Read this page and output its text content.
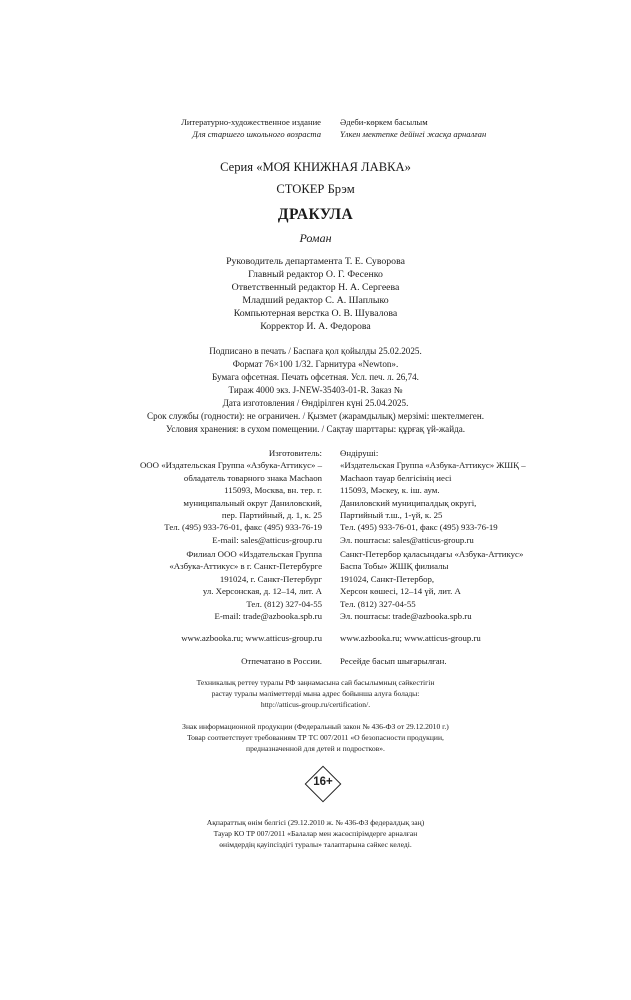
Литературно-художественное издание
Для старшего школьного возраста
Әдеби-көркем басылым
Үлкен мектепке дейінгі жасқа арналған
Серия «МОЯ КНИЖНАЯ ЛАВКА»
СТОКЕР Брэм
ДРАКУЛА
Роман
Руководитель департамента Т. Е. Суворова
Главный редактор О. Г. Фесенко
Ответственный редактор Н. А. Сергеева
Младший редактор С. А. Шаплыко
Компьютерная верстка О. В. Шувалова
Корректор И. А. Федорова
Подписано в печать / Баспаға қол қойылды 25.02.2025.
Формат 76×100 1/32. Гарнитура «Newton».
Бумага офсетная. Печать офсетная. Усл. печ. л. 26,74.
Тираж 4000 экз. J-NEW-35403-01-R. Заказ №
Дата изготовления / Өндірілген күні 25.04.2025.
Срок службы (годности): не ограничен. / Қызмет (жарамдылық) мерзімі: шектелмеген.
Условия хранения: в сухом помещении. / Сақтау шарттары: құрғақ үй-жайда.
Изготовитель:
ООО «Издательская Группа «Азбука-Аттикус» –
обладатель товарного знака Machaon
115093, Москва, вн. тер. г.
муниципальный округ Даниловский,
пер. Партийный, д. 1, к. 25
Тел. (495) 933-76-01, факс (495) 933-76-19
E-mail: sales@atticus-group.ru
Өндіруші:
«Издательская Группа «Азбука-Аттикус» ЖШҚ –
Machaon тауар белгісінің иесі
115093, Мәскеу, к. іш. аум.
Даниловский муниципалдық округі,
Партийный т.ш., 1-үй, к. 25
Тел. (495) 933-76-01, факс (495) 933-76-19
Эл. поштасы: sales@atticus-group.ru
Филиал ООО «Издательская Группа
«Азбука-Аттикус» в г. Санкт-Петербурге
191024, г. Санкт-Петербург
ул. Херсонская, д. 12–14, лит. А
Тел. (812) 327-04-55
E-mail: trade@azbooka.spb.ru
Санкт-Петербор қаласындағы «Азбука-Аттикус»
Баспа Тобы» ЖШҚ филиалы
191024, Санкт-Петербор,
Херсон көшесі, 12–14 үй, лит. А
Тел. (812) 327-04-55
Эл. поштасы: trade@azbooka.spb.ru
www.azbooka.ru; www.atticus-group.ru www.azbooka.ru; www.atticus-group.ru
Отпечатано в России. Ресейде басып шығарылған.
Техникалық реттеу туралы РФ заңнамасына сай басылымның сәйкестігін
растау туралы мәліметтерді мына адрес бойынша алуға болады:
http://atticus-group.ru/certification/.
Знак информационной продукции (Федеральный закон № 436-ФЗ от 29.12.2010 г.)
Товар соответствует требованиям ТР ТС 007/2011 «О безопасности продукции,
предназначенной для детей и подростков».
16+
Ақпараттық өнім белгісі (29.12.2010 ж. № 436-ФЗ федералдық заң)
Тауар КО ТР 007/2011 «Балалар мен жасөспірімдерге арналған
өнімдердің қауіпсіздігі туралы» талаптарына сәйкес келеді.
